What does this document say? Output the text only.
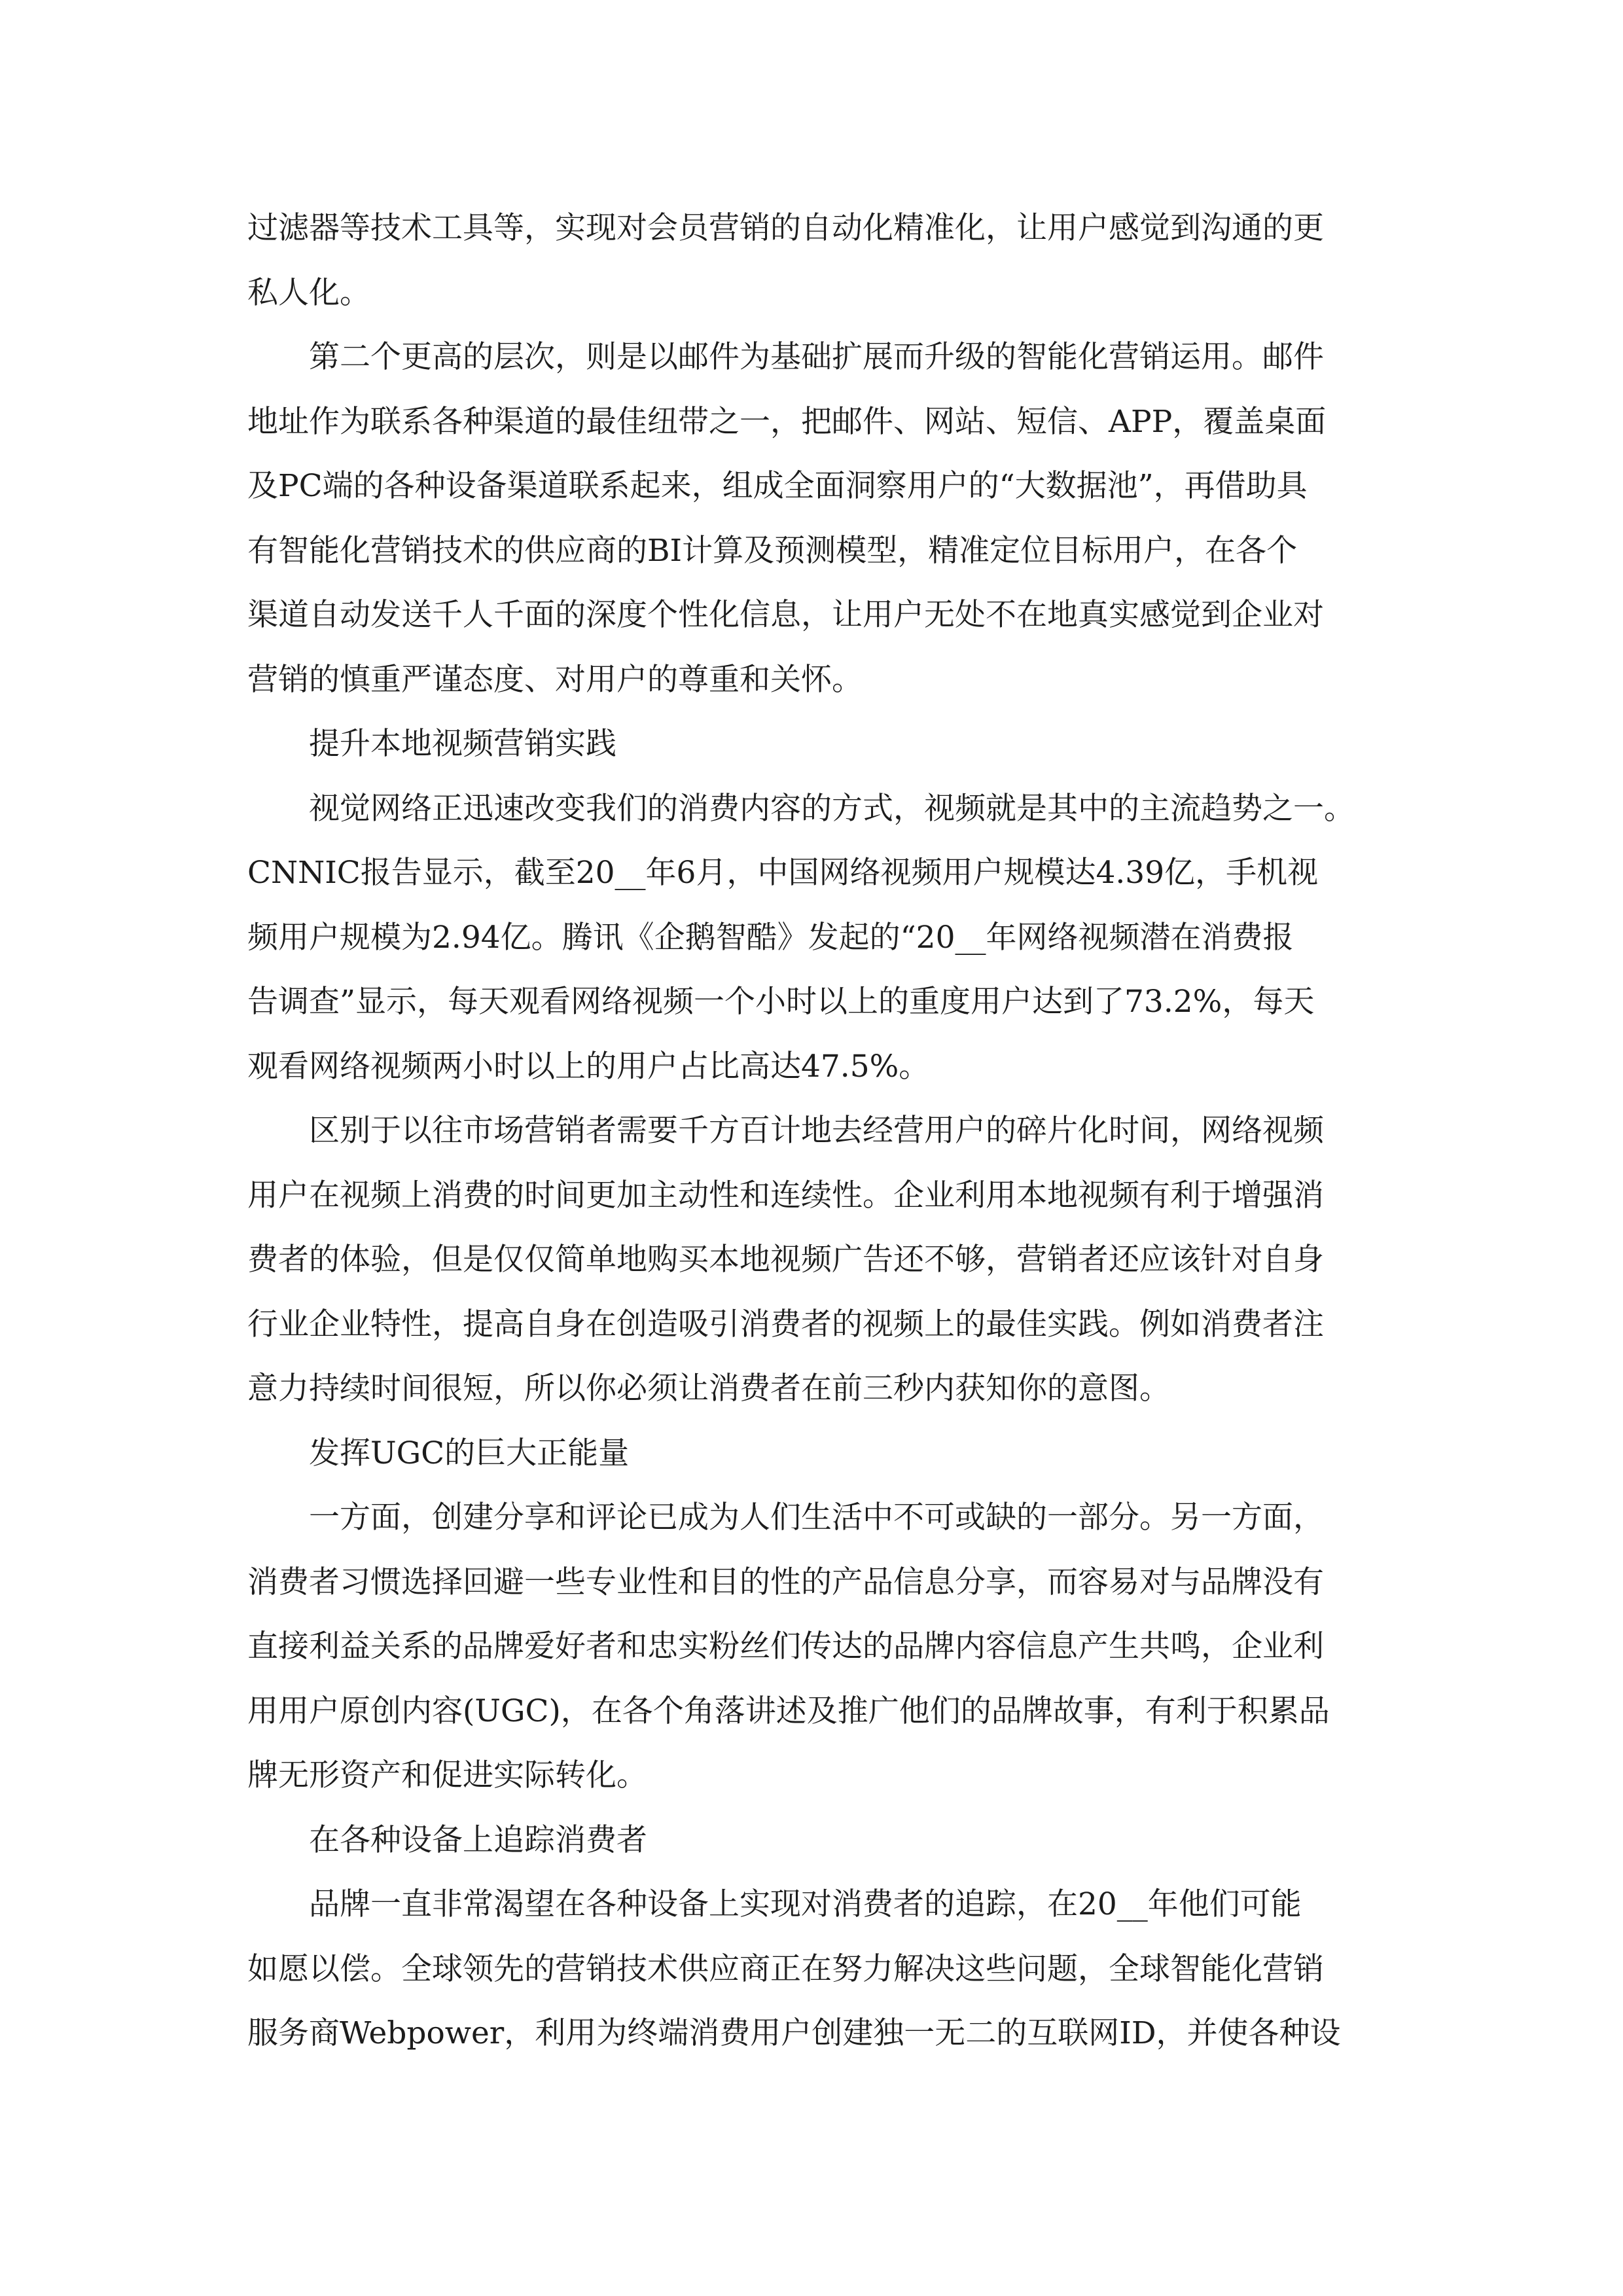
过滤器等技术工具等，实现对会员营销的自动化精准化，让用户感觉到沟通的更
私人化。

第二个更高的层次，则是以邮件为基础扩展而升级的智能化营销运用。邮件
地址作为联系各种渠道的最佳纽带之一，把邮件、网站、短信、APP，覆盖桌面
及PC端的各种设备渠道联系起来，组成全面洞察用户的“大数据池”，再借助具
有智能化营销技术的供应商的BI计算及预测模型，精准定位目标用户，在各个
渠道自动发送千人千面的深度个性化信息，让用户无处不在地真实感觉到企业对
营销的慎重严谨态度、对用户的尊重和关怀。

提升本地视频营销实践

视觉网络正迅速改变我们的消费内容的方式，视频就是其中的主流趋势之一。
CNNIC报告显示，截至20__年6月，中国网络视频用户规模达4.39亿，手机视
频用户规模为2.94亿。腾讯《企鹅智酷》发起的“20__年网络视频潜在消费报
告调查”显示，每天观看网络视频一个小时以上的重度用户达到了73.2%，每天
观看网络视频两小时以上的用户占比高达47.5%。

区别于以往市场营销者需要千方百计地去经营用户的碎片化时间，网络视频
用户在视频上消费的时间更加主动性和连续性。企业利用本地视频有利于增强消
费者的体验，但是仅仅简单地购买本地视频广告还不够，营销者还应该针对自身
行业企业特性，提高自身在创造吸引消费者的视频上的最佳实践。例如消费者注
意力持续时间很短，所以你必须让消费者在前三秒内获知你的意图。

发挥UGC的巨大正能量

一方面，创建分享和评论已成为人们生活中不可或缺的一部分。另一方面，
消费者习惯选择回避一些专业性和目的性的产品信息分享，而容易对与品牌没有
直接利益关系的品牌爱好者和忠实粉丝们传达的品牌内容信息产生共鸣，企业利
用用户原创内容(UGC)，在各个角落讲述及推广他们的品牌故事，有利于积累品
牌无形资产和促进实际转化。

在各种设备上追踪消费者

品牌一直非常渴望在各种设备上实现对消费者的追踪，在20__年他们可能
如愿以偿。全球领先的营销技术供应商正在努力解决这些问题，全球智能化营销
服务商Webpower，利用为终端消费用户创建独一无二的互联网ID，并使各种设
